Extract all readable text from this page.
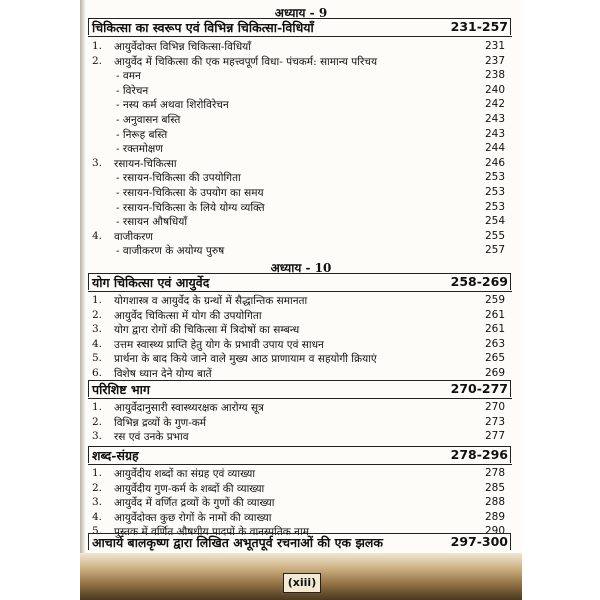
अध्याय - 9
चिकित्सा का स्वरूप एवं विभिन्न चिकित्सा-विधियाँ	231-257
1. आयुर्वेदोक्त विभिन्न चिकित्सा-विधियाँ	231
2. आयुर्वेद में चिकित्सा की एक महत्त्वपूर्ण विधा- पंचकर्म: सामान्य परिचय	237
- वमन	238
- विरेचन	240
- नस्य कर्म अथवा शिरोविरेचन	242
- अनुवासन बस्ति	243
- निरूह बस्ति	243
- रक्तमोक्षण	244
3. रसायन-चिकित्सा	246
- रसायन-चिकित्सा की उपयोगिता	253
- रसायन-चिकित्सा के उपयोग का समय	253
- रसायन-चिकित्सा के लिये योग्य व्यक्ति	253
- रसायन औषधियाँ	254
4. वाजीकरण	255
- वाजीकरण के अयोग्य पुरुष	257
अध्याय - 10
योग चिकित्सा एवं आयुर्वेद	258-269
1. योगशास्त्र व आयुर्वेद के ग्रन्थों में सैद्धान्तिक समानता	259
2. आयुर्वेद चिकित्सा में योग की उपयोगिता	261
3. योग द्वारा रोगों की चिकित्सा में त्रिदोषों का सम्बन्ध	261
4. उत्तम स्वास्थ्य प्राप्ति हेतु योग के प्रभावी उपाय एवं साधन	263
5. प्रार्थना के बाद किये जाने वाले मुख्य आठ प्राणायाम व सहयोगी क्रियाएं	265
6. विशेष ध्यान देने योग्य बातें	269
परिशिष्ट भाग	270-277
1. आयुर्वेदानुसारी स्वास्थ्यरक्षक आरोग्य सूत्र	270
2. विभिन्न द्रव्यों के गुण-कर्म	273
3. रस एवं उनके प्रभाव	277
शब्द-संग्रह	278-296
1. आयुर्वेदीय शब्दों का संग्रह एवं व्याख्या	278
2. आयुर्वेदीय गुण-कर्म के शब्दों की व्याख्या	285
3. आयुर्वेद में वर्णित द्रव्यों के गुणों की व्याख्या	288
4. आयुर्वेदोक्त कुछ रोगों के नामों की व्याख्या	289
5. पुस्तक में वर्णित औषधीय पादपों के वानस्पतिक नाम	290
आचार्य बालकृष्ण द्वारा लिखित अभूतपूर्व रचनाओं की एक झलक	297-300
(xiii)
